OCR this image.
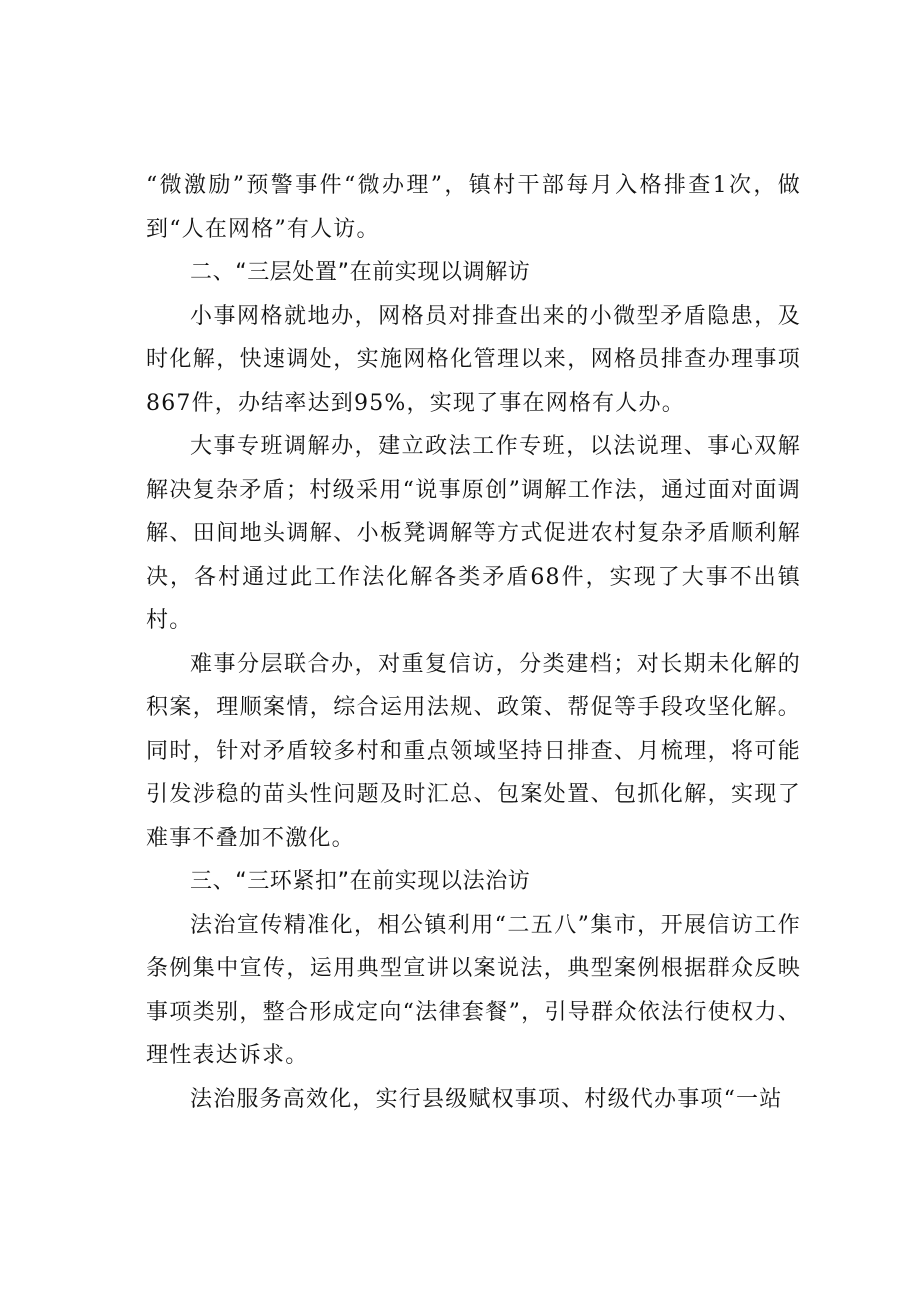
“微激励”预警事件“微办理”，镇村干部每月入格排查1次，做到“人在网格”有人访。

二、“三层处置”在前实现以调解访

小事网格就地办，网格员对排查出来的小微型矛盾隐患，及时化解，快速调处，实施网格化管理以来，网格员排查办理事项867件，办结率达到95%，实现了事在网格有人办。

大事专班调解办，建立政法工作专班，以法说理、事心双解解决复杂矛盾；村级采用“说事原创”调解工作法，通过面对面调解、田间地头调解、小板凳调解等方式促进农村复杂矛盾顺利解决，各村通过此工作法化解各类矛盾68件，实现了大事不出镇村。

难事分层联合办，对重复信访，分类建档；对长期未化解的积案，理顺案情，综合运用法规、政策、帮促等手段攻坚化解。同时，针对矛盾较多村和重点领域坚持日排查、月梳理，将可能引发涉稳的苗头性问题及时汇总、包案处置、包抓化解，实现了难事不叠加不激化。

三、“三环紧扣”在前实现以法治访

法治宣传精准化，相公镇利用“二五八”集市，开展信访工作条例集中宣传，运用典型宣讲以案说法，典型案例根据群众反映事项类别，整合形成定向“法律套餐”，引导群众依法行使权力、理性表达诉求。

法治服务高效化，实行县级赋权事项、村级代办事项“一站
